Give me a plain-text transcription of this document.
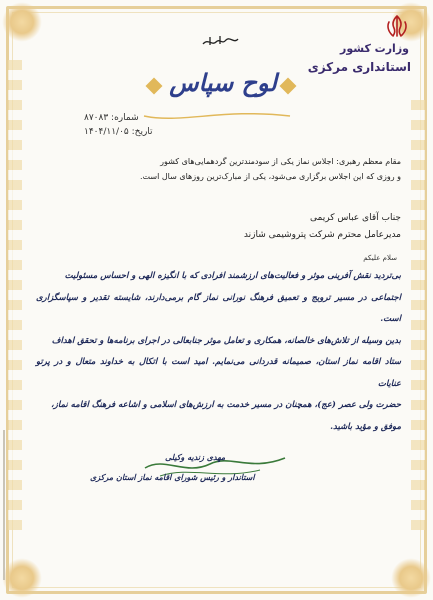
وزارت کشور
استانداری مرکزی
لوح سپاس
شماره: ۸۷۰۸۳
تاریخ: ۱۴۰۴/۱۱/۰۵
مقام معظم رهبری: اجلاس نماز یکی از سودمندترین گردهمایی‌های کشور
و روزی که این اجلاس برگزاری می‌شود، یکی از مبارک‌ترین روزهای سال است.
جناب آقای عباس کریمی
مدیرعامل محترم شرکت پتروشیمی شازند
سلام علیکم
بی‌تردید نقش آفرینی موثر و فعالیت‌های ارزشمند افرادی که با انگیزه الهی و احساس مسئولیت
اجتماعی در مسیر ترویج و تعمیق فرهنگ نورانی نماز گام برمی‌دارند، شایسته تقدیر و سپاسگزاری است.
بدین وسیله از تلاش‌های خالصانه، همکاری و تعامل موثر جنابعالی در اجرای برنامه‌ها و تحقق اهداف
ستاد اقامه نماز استان، صمیمانه قدردانی می‌نمایم. امید است با اتکال به خداوند متعال و در پرتو عنایات
حضرت ولی عصر (عج)، همچنان در مسیر خدمت به ارزش‌های اسلامی و اشاعه فرهنگ اقامه نماز،
موفق و مؤید باشید.
مهدی زندیه وکیلی
استاندار و رئیس شورای اقامه نماز استان مرکزی
